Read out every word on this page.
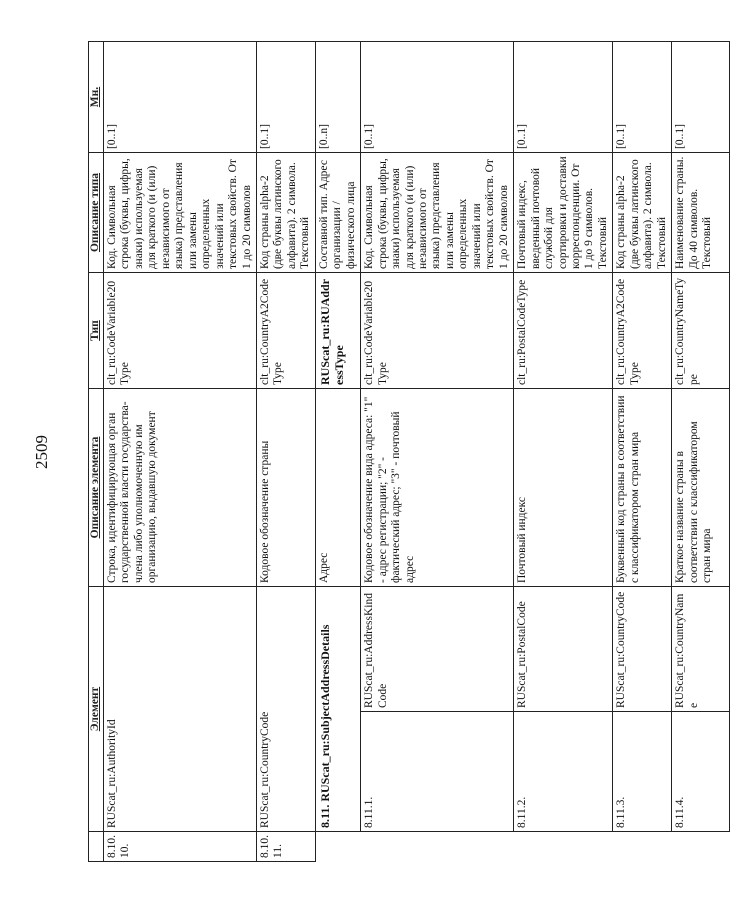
2509
	Элемент		Описание элемента	Тип	Описание типа	Мн.
8.10.10.	RUScat_ru:AuthorityId		Строка, идентифицирующая орган государственной власти государства-члена либо уполномоченную им организацию, выдавшую документ	clt_ru:CodeVariable20Type	Код. Символьная строка (буквы, цифры, знаки) используемая для краткого (и (или) независимого от языка) представления или замены определенных значений или текстовых свойств. От 1 до 20 символов	[0..1]
8.10.11.	RUScat_ru:CountryCode		Кодовое обозначение страны	clt_ru:CountryA2CodeType	Код страны alpha-2 (две буквы латинского алфавита). 2 символа. Текстовый	[0..1]
	8.11. RUScat_ru:SubjectAddressDetails		Адрес	RUScat_ru:RUAddressType	Составной тип. Адрес организации / физического лица	[0..n]
	8.11.1.	RUScat_ru:AddressKindCode	Кодовое обозначение вида адреса: "1" - адрес регистрации; "2" - фактический адрес; "3" - почтовый адрес	clt_ru:CodeVariable20Type	Код. Символьная строка (буквы, цифры, знаки) используемая для краткого (и (или) независимого от языка) представления или замены определенных значений или текстовых свойств. От 1 до 20 символов	[0..1]
	8.11.2.	RUScat_ru:PostalCode	Почтовый индекс	clt_ru:PostalCodeType	Почтовый индекс, введенный почтовой службой для сортировки и доставки корреспонденции. От 1 до 9 символов. Текстовый	[0..1]
	8.11.3.	RUScat_ru:CountryCode	Буквенный код страны в соответствии с классификатором стран мира	clt_ru:CountryA2CodeType	Код страны alpha-2 (две буквы латинского алфавита). 2 символа. Текстовый	[0..1]
	8.11.4.	RUScat_ru:CountryName	Краткое название страны в соответствии с классификатором стран мира	clt_ru:CountryNameType	Наименование страны. До 40 символов. Текстовый	[0..1]
